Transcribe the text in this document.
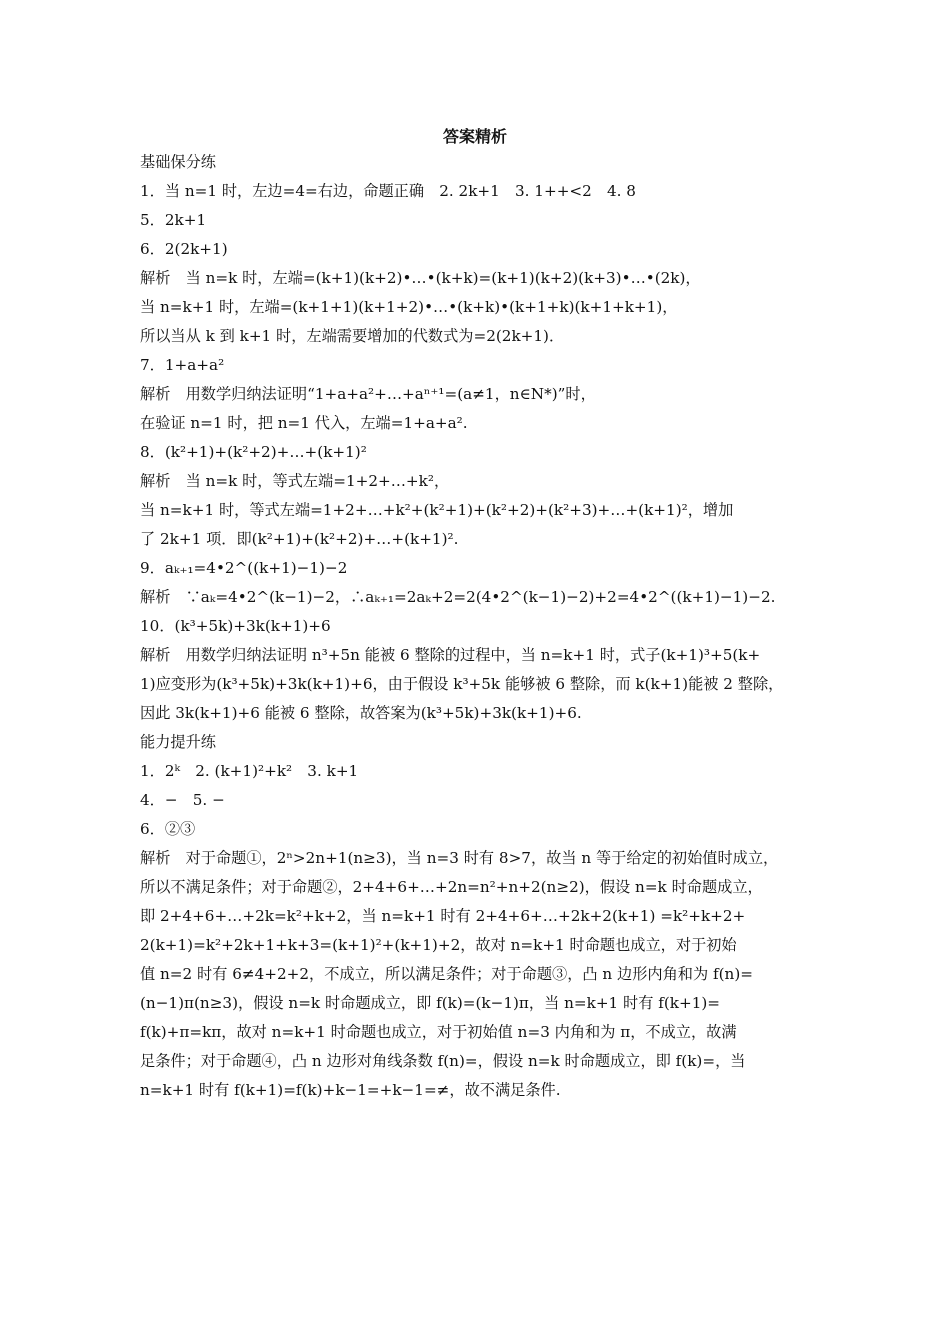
答案精析
基础保分练
1．当 n=1 时，左边=4=右边，命题正确　2. 2k+1　3. 1++<2　4. 8
5．2k+1
6．2(2k+1)
解析　当 n=k 时，左端=(k+1)(k+2)•…•(k+k)=(k+1)(k+2)(k+3)•…•(2k)，
当 n=k+1 时，左端=(k+1+1)(k+1+2)•…•(k+k)•(k+1+k)(k+1+k+1)，
所以当从 k 到 k+1 时，左端需要增加的代数式为=2(2k+1)．
7．1+a+a²
解析　用数学归纳法证明“1+a+a²+…+aⁿ⁺¹=(a≠1，n∈N*)”时，
在验证 n=1 时，把 n=1 代入，左端=1+a+a².
8．(k²+1)+(k²+2)+…+(k+1)²
解析　当 n=k 时，等式左端=1+2+…+k²，
当 n=k+1 时，等式左端=1+2+…+k²+(k²+1)+(k²+2)+(k²+3)+…+(k+1)²，增加
了 2k+1 项．即(k²+1)+(k²+2)+…+(k+1)².
9．aₖ₊₁=4•2^((k+1)−1)−2
解析　∵aₖ=4•2^(k−1)−2，∴aₖ₊₁=2aₖ+2=2(4•2^(k−1)−2)+2=4•2^((k+1)−1)−2.
10．(k³+5k)+3k(k+1)+6
解析　用数学归纳法证明 n³+5n 能被 6 整除的过程中，当 n=k+1 时，式子(k+1)³+5(k+
1)应变形为(k³+5k)+3k(k+1)+6，由于假设 k³+5k 能够被 6 整除，而 k(k+1)能被 2 整除，
因此 3k(k+1)+6 能被 6 整除，故答案为(k³+5k)+3k(k+1)+6.
能力提升练
1．2ᵏ　2. (k+1)²+k²　3. k+1
4．−　5. −
6．②③
解析　对于命题①，2ⁿ>2n+1(n≥3)，当 n=3 时有 8>7，故当 n 等于给定的初始值时成立，
所以不满足条件；对于命题②，2+4+6+…+2n=n²+n+2(n≥2)，假设 n=k 时命题成立，
即 2+4+6+…+2k=k²+k+2，当 n=k+1 时有 2+4+6+…+2k+2(k+1) =k²+k+2+
2(k+1)=k²+2k+1+k+3=(k+1)²+(k+1)+2，故对 n=k+1 时命题也成立，对于初始
值 n=2 时有 6≠4+2+2，不成立，所以满足条件；对于命题③，凸 n 边形内角和为 f(n)=
(n−1)π(n≥3)，假设 n=k 时命题成立，即 f(k)=(k−1)π，当 n=k+1 时有 f(k+1)=
f(k)+π=kπ，故对 n=k+1 时命题也成立，对于初始值 n=3 内角和为 π，不成立，故满
足条件；对于命题④，凸 n 边形对角线条数 f(n)=，假设 n=k 时命题成立，即 f(k)=，当
n=k+1 时有 f(k+1)=f(k)+k−1=+k−1=≠，故不满足条件.
